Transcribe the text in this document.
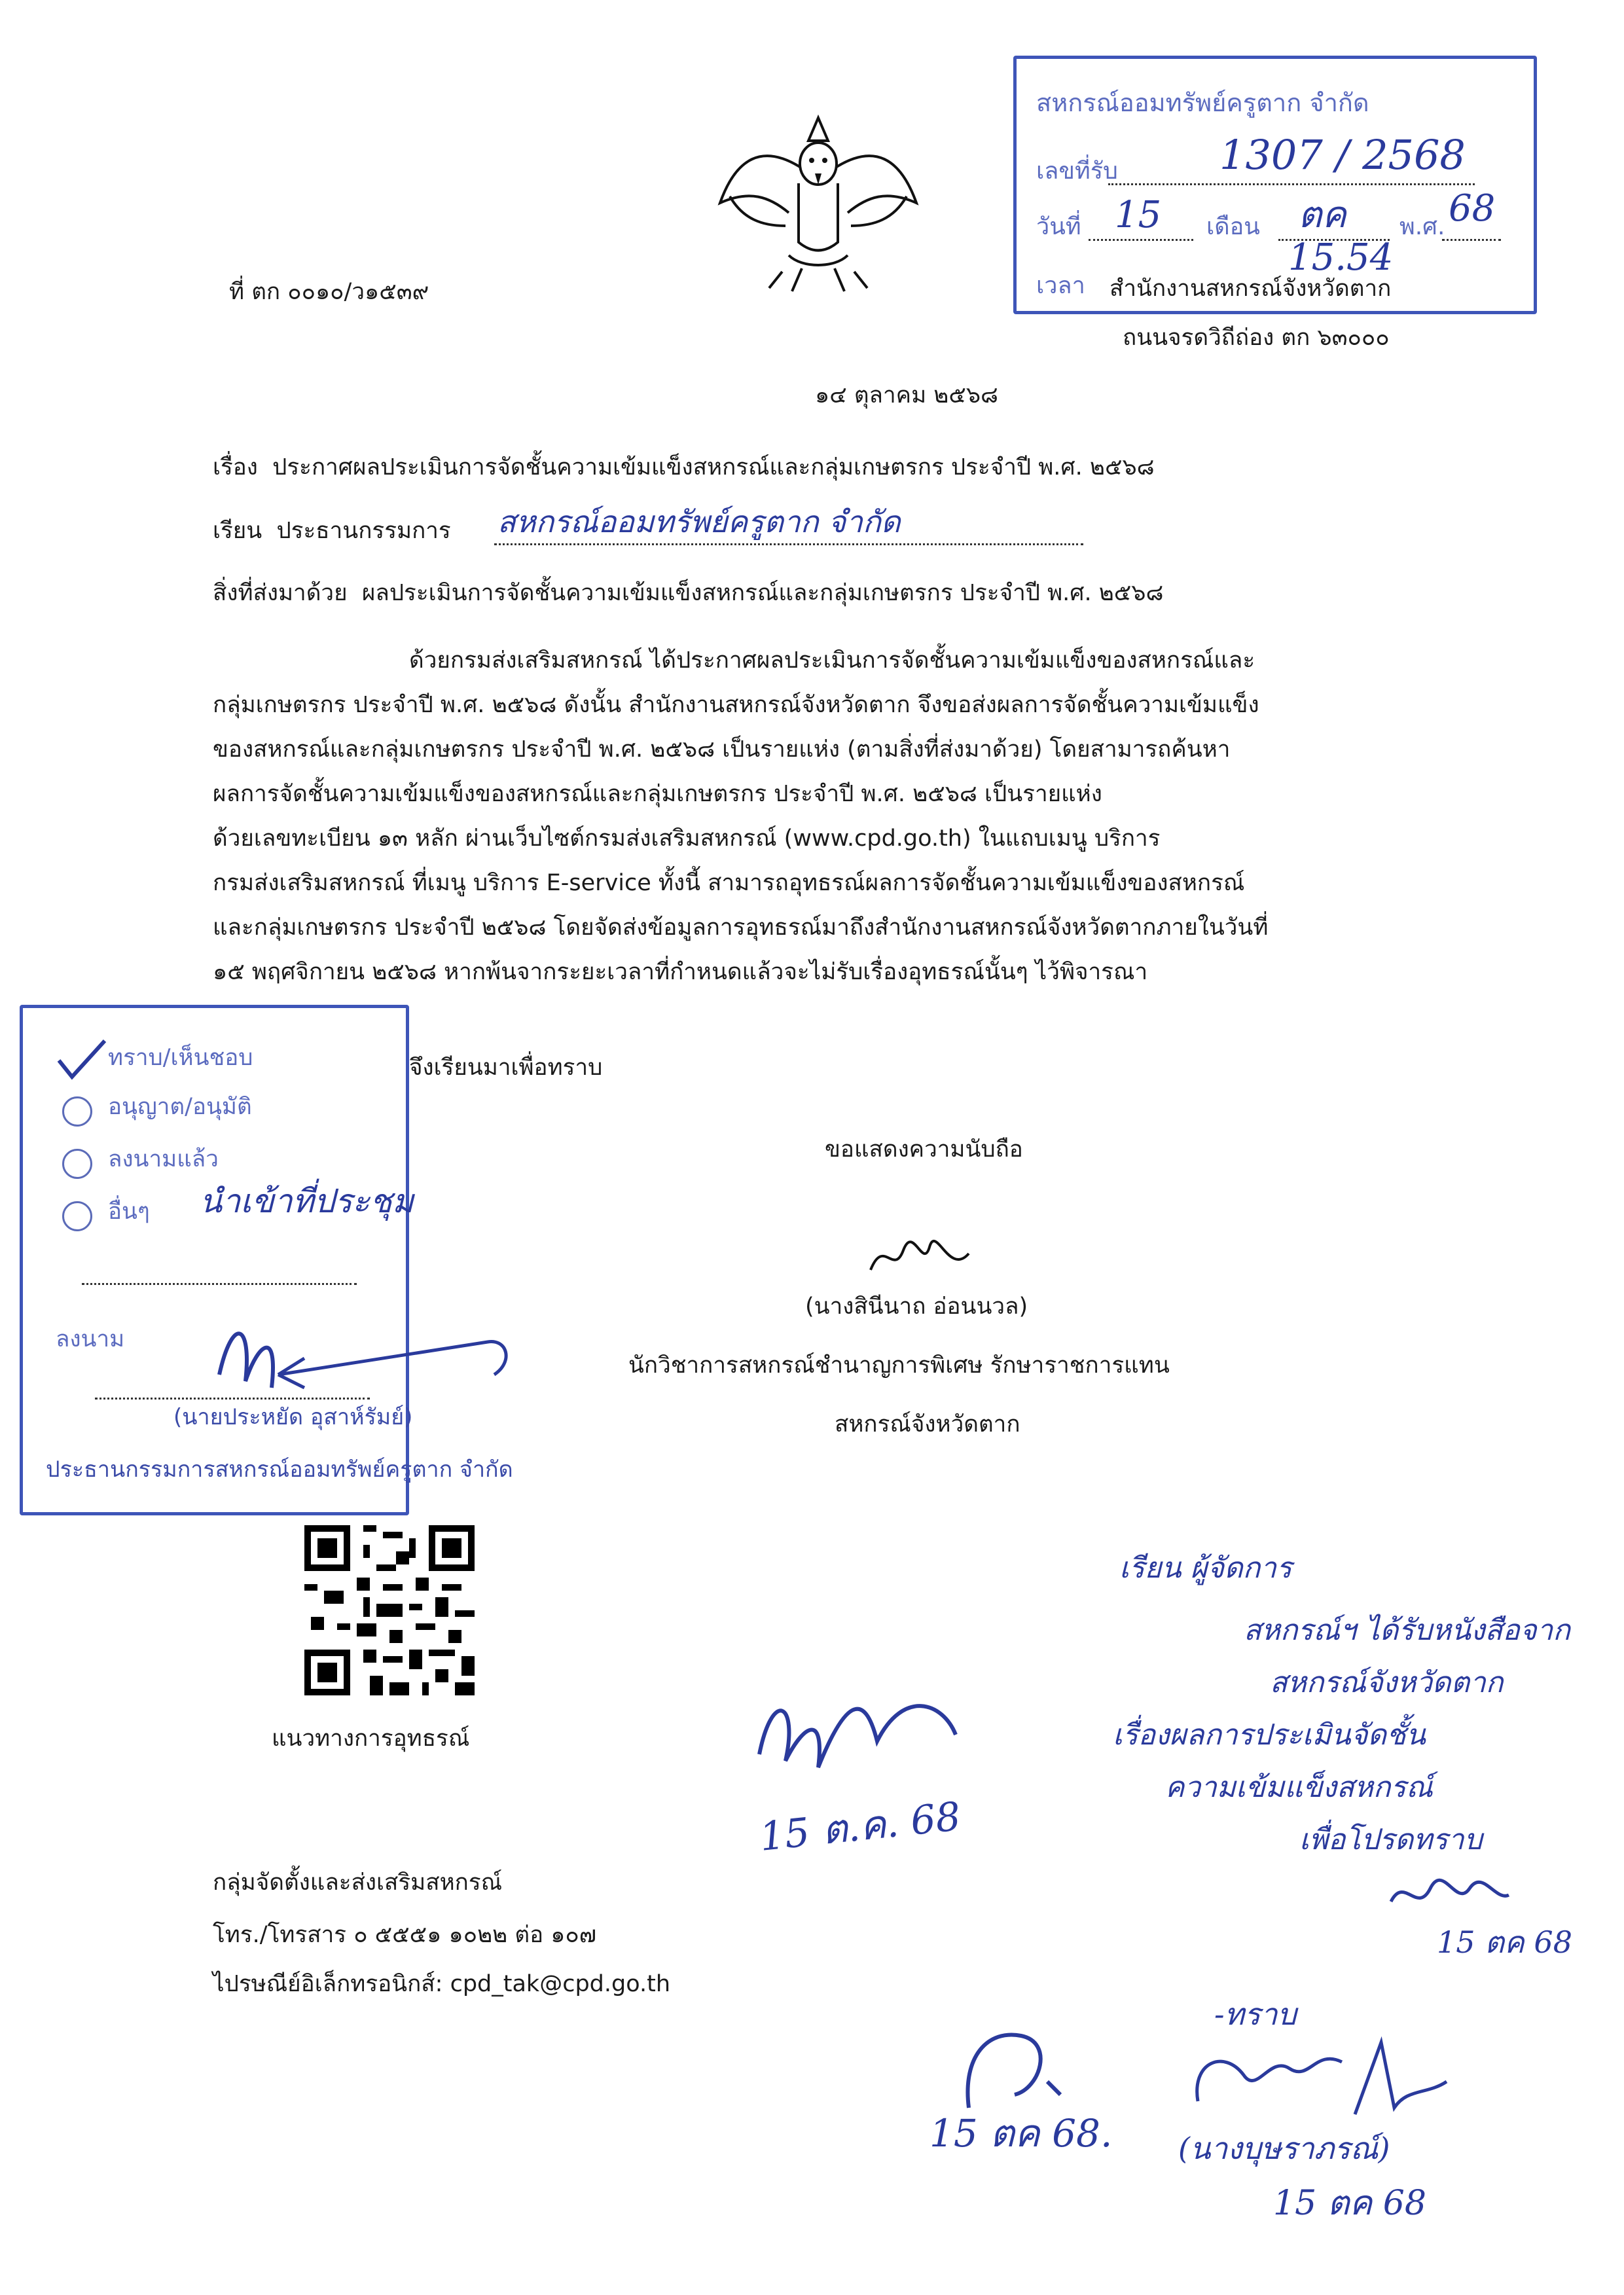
สหกรณ์ออมทรัพย์ครูตาก จำกัด
เลขที่รับ	1307 / 2568
วันที่ 15 เดือน ตค พ.ศ. 68
เวลา
15.54
ที่ ตก ๐๐๑๐/ว๑๕๓๙	สำนักงานสหกรณ์จังหวัดตาก
ถนนจรดวิถีถ่อง ตก ๖๓๐๐๐
๑๔ ตุลาคม ๒๕๖๘
เรื่อง ประกาศผลประเมินการจัดชั้นความเข้มแข็งสหกรณ์และกลุ่มเกษตรกร ประจำปี พ.ศ. ๒๕๖๘
เรียน ประธานกรรมการ สหกรณ์ออมทรัพย์ครูตาก จำกัด
สิ่งที่ส่งมาด้วย ผลประเมินการจัดชั้นความเข้มแข็งสหกรณ์และกลุ่มเกษตรกร ประจำปี พ.ศ. ๒๕๖๘
ด้วยกรมส่งเสริมสหกรณ์ ได้ประกาศผลประเมินการจัดชั้นความเข้มแข็งของสหกรณ์และ
กลุ่มเกษตรกร ประจำปี พ.ศ. ๒๕๖๘ ดังนั้น สำนักงานสหกรณ์จังหวัดตาก จึงขอส่งผลการจัดชั้นความเข้มแข็ง
ของสหกรณ์และกลุ่มเกษตรกร ประจำปี พ.ศ. ๒๕๖๘ เป็นรายแห่ง (ตามสิ่งที่ส่งมาด้วย) โดยสามารถค้นหา
ผลการจัดชั้นความเข้มแข็งของสหกรณ์และกลุ่มเกษตรกร ประจำปี พ.ศ. ๒๕๖๘ เป็นรายแห่ง
ด้วยเลขทะเบียน ๑๓ หลัก ผ่านเว็บไซต์กรมส่งเสริมสหกรณ์ (www.cpd.go.th) ในแถบเมนู บริการ
กรมส่งเสริมสหกรณ์ ที่เมนู บริการ E-service ทั้งนี้ สามารถอุทธรณ์ผลการจัดชั้นความเข้มแข็งของสหกรณ์
และกลุ่มเกษตรกร ประจำปี ๒๕๖๘ โดยจัดส่งข้อมูลการอุทธรณ์มาถึงสำนักงานสหกรณ์จังหวัดตากภายในวันที่
๑๕ พฤศจิกายน ๒๕๖๘ หากพ้นจากระยะเวลาที่กำหนดแล้วจะไม่รับเรื่องอุทธรณ์นั้นๆ ไว้พิจารณา
จึงเรียนมาเพื่อทราบ
ขอแสดงความนับถือ
(นางสินีนาถ อ่อนนวล)
นักวิชาการสหกรณ์ชำนาญการพิเศษ รักษาราชการแทน
สหกรณ์จังหวัดตาก
ทราบ/เห็นชอบ
อนุญาต/อนุมัติ
ลงนามแล้ว
อื่นๆ นำเข้าที่ประชุม
ลงนาม
(นายประหยัด อุสาห์รัมย์)
ประธานกรรมการสหกรณ์ออมทรัพย์ครูตาก จำกัด
แนวทางการอุทธรณ์
กลุ่มจัดตั้งและส่งเสริมสหกรณ์
โทร./โทรสาร ๐ ๕๕๕๑ ๑๐๒๒ ต่อ ๑๐๗
ไปรษณีย์อิเล็กทรอนิกส์: cpd_tak@cpd.go.th
15 ต.ค. 68
เรียน ผู้จัดการ
สหกรณ์ฯ ได้รับหนังสือจาก
สหกรณ์จังหวัดตาก
เรื่องผลการประเมินจัดชั้น
ความเข้มแข็งสหกรณ์
เพื่อโปรดทราบ
15 ตค 68
15 ตค 68.
-ทราบ
(นางบุษราภรณ์)
15 ตค 68
